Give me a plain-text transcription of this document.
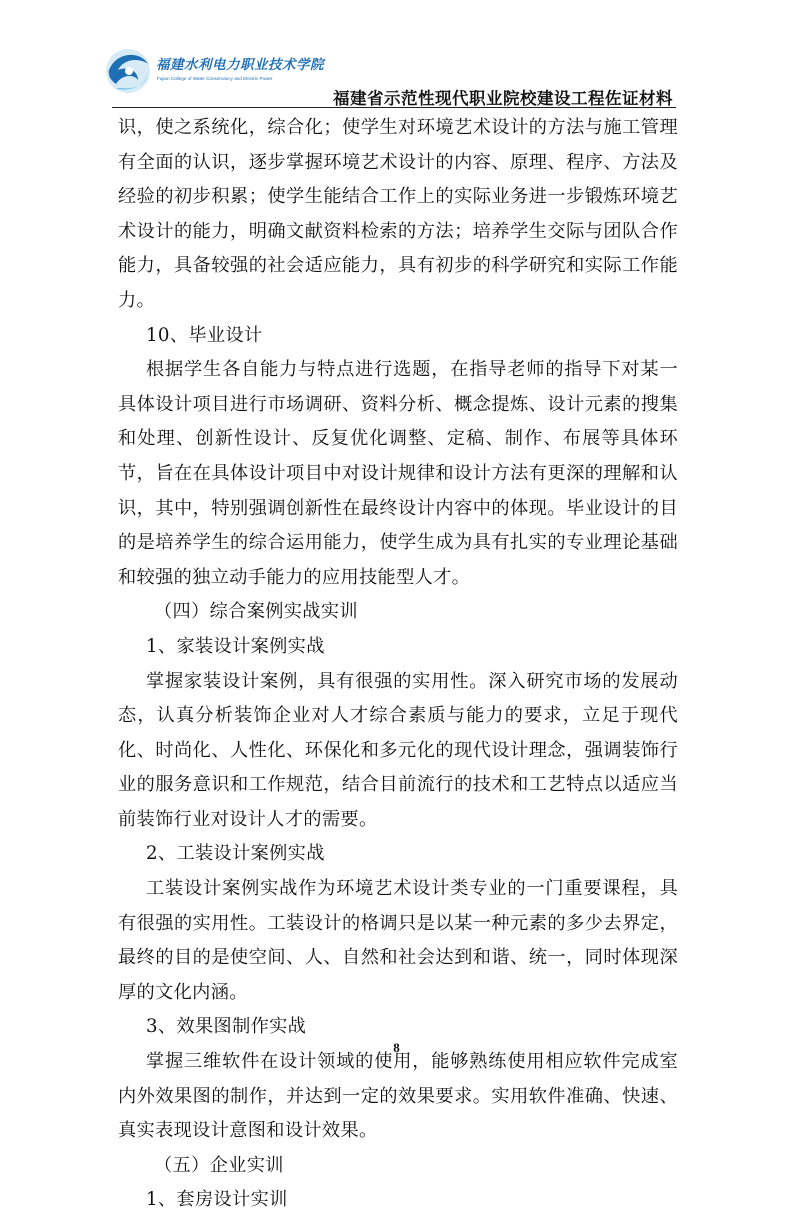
福建水利电力职业技术学院
Fujian College of Water Conservancy and Electric Power
福建省示范性现代职业院校建设工程佐证材料

识，使之系统化，综合化；使学生对环境艺术设计的方法与施工管理有全面的认识，逐步掌握环境艺术设计的内容、原理、程序、方法及经验的初步积累；使学生能结合工作上的实际业务进一步锻炼环境艺术设计的能力，明确文献资料检索的方法；培养学生交际与团队合作能力，具备较强的社会适应能力，具有初步的科学研究和实际工作能力。

10、毕业设计

根据学生各自能力与特点进行选题，在指导老师的指导下对某一具体设计项目进行市场调研、资料分析、概念提炼、设计元素的搜集和处理、创新性设计、反复优化调整、定稿、制作、布展等具体环节，旨在在具体设计项目中对设计规律和设计方法有更深的理解和认识，其中，特别强调创新性在最终设计内容中的体现。毕业设计的目的是培养学生的综合运用能力，使学生成为具有扎实的专业理论基础和较强的独立动手能力的应用技能型人才。

（四）综合案例实战实训

1、家装设计案例实战

掌握家装设计案例，具有很强的实用性。深入研究市场的发展动态，认真分析装饰企业对人才综合素质与能力的要求，立足于现代化、时尚化、人性化、环保化和多元化的现代设计理念，强调装饰行业的服务意识和工作规范，结合目前流行的技术和工艺特点以适应当前装饰行业对设计人才的需要。

2、工装设计案例实战

工装设计案例实战作为环境艺术设计类专业的一门重要课程，具有很强的实用性。工装设计的格调只是以某一种元素的多少去界定，最终的目的是使空间、人、自然和社会达到和谐、统一，同时体现深厚的文化内涵。

3、效果图制作实战

掌握三维软件在设计领域的使用，能够熟练使用相应软件完成室内外效果图的制作，并达到一定的效果要求。实用软件准确、快速、真实表现设计意图和设计效果。

（五）企业实训

1、套房设计实训

8
